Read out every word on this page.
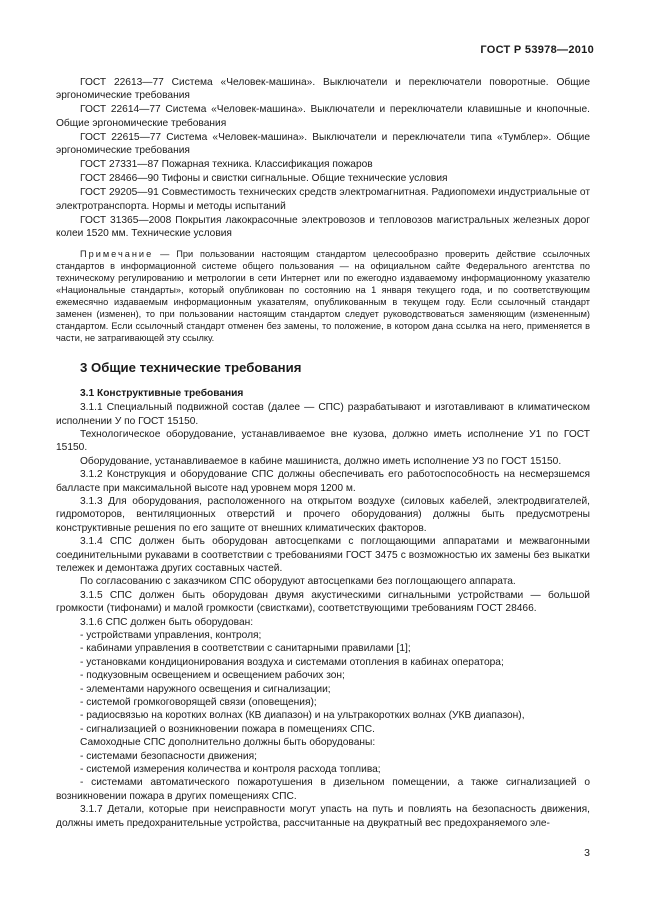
ГОСТ Р 53978—2010

ГОСТ 22613—77 Система «Человек-машина». Выключатели и переключатели поворотные. Общие эргономические требования

ГОСТ 22614—77 Система «Человек-машина». Выключатели и переключатели клавишные и кнопочные. Общие эргономические требования

ГОСТ 22615—77 Система «Человек-машина». Выключатели и переключатели типа «Тумблер». Общие эргономические требования

ГОСТ 27331—87 Пожарная техника. Классификация пожаров

ГОСТ 28466—90 Тифоны и свистки сигнальные. Общие технические условия

ГОСТ 29205—91 Совместимость технических средств электромагнитная. Радиопомехи индустриальные от электротранспорта. Нормы и методы испытаний

ГОСТ 31365—2008 Покрытия лакокрасочные электровозов и тепловозов магистральных железных дорог колеи 1520 мм. Технические условия

Примечание — При пользовании настоящим стандартом целесообразно проверить действие ссылочных стандартов в информационной системе общего пользования — на официальном сайте Федерального агентства по техническому регулированию и метрологии в сети Интернет или по ежегодно издаваемому информационному указателю «Национальные стандарты», который опубликован по состоянию на 1 января текущего года, и по соответствующим ежемесячно издаваемым информационным указателям, опубликованным в текущем году. Если ссылочный стандарт заменен (изменен), то при пользовании настоящим стандартом следует руководствоваться заменяющим (измененным) стандартом. Если ссылочный стандарт отменен без замены, то положение, в котором дана ссылка на него, применяется в части, не затрагивающей эту ссылку.

3 Общие технические требования
3.1 Конструктивные требования

3.1.1 Специальный подвижной состав (далее — СПС) разрабатывают и изготавливают в климатическом исполнении У по ГОСТ 15150.

Технологическое оборудование, устанавливаемое вне кузова, должно иметь исполнение У1 по ГОСТ 15150.

Оборудование, устанавливаемое в кабине машиниста, должно иметь исполнение У3 по ГОСТ 15150.

3.1.2 Конструкция и оборудование СПС должны обеспечивать его работоспособность на несмерзшемся балласте при максимальной высоте над уровнем моря 1200 м.

3.1.3 Для оборудования, расположенного на открытом воздухе (силовых кабелей, электродвигателей, гидромоторов, вентиляционных отверстий и прочего оборудования) должны быть предусмотрены конструктивные решения по его защите от внешних климатических факторов.

3.1.4 СПС должен быть оборудован автосцепками с поглощающими аппаратами и межвагонными соединительными рукавами в соответствии с требованиями ГОСТ 3475 с возможностью их замены без выкатки тележек и демонтажа других составных частей.

По согласованию с заказчиком СПС оборудуют автосцепками без поглощающего аппарата.

3.1.5 СПС должен быть оборудован двумя акустическими сигнальными устройствами — большой громкости (тифонами) и малой громкости (свистками), соответствующими требованиям ГОСТ 28466.

3.1.6 СПС должен быть оборудован:

- устройствами управления, контроля;

- кабинами управления в соответствии с санитарными правилами [1];

- установками кондиционирования воздуха и системами отопления в кабинах оператора;

- подкузовным освещением и освещением рабочих зон;

- элементами наружного освещения и сигнализации;

- системой громкоговорящей связи (оповещения);

- радиосвязью на коротких волнах (КВ диапазон) и на ультракоротких волнах (УКВ диапазон),

- сигнализацией о возникновении пожара в помещениях СПС.

Самоходные СПС дополнительно должны быть оборудованы:

- системами безопасности движения;

- системой измерения количества и контроля расхода топлива;

- системами автоматического пожаротушения в дизельном помещении, а также сигнализацией о возникновении пожара в других помещениях СПС.

3.1.7 Детали, которые при неисправности могут упасть на путь и повлиять на безопасность движения, должны иметь предохранительные устройства, рассчитанные на двукратный вес предохраняемого эле-

3
